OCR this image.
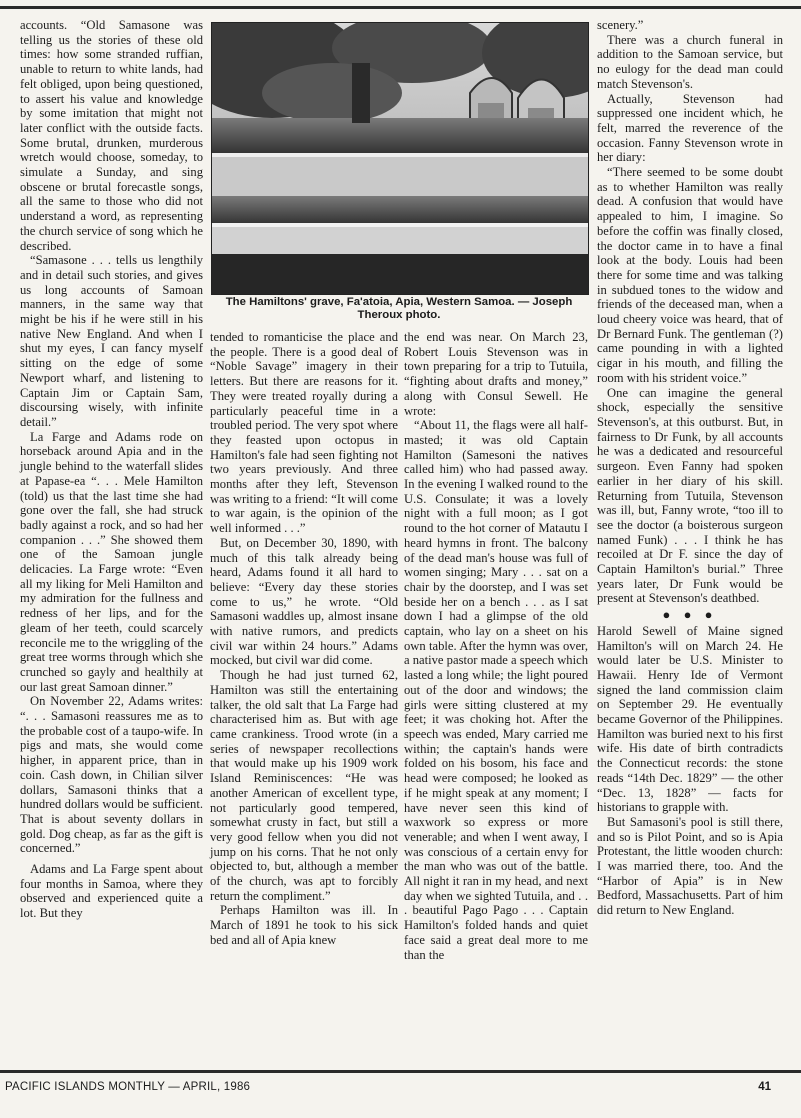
accounts. “Old Samasone was telling us the stories of these old times: how some stranded ruffian, unable to return to white lands, had felt obliged, upon being questioned, to assert his value and knowledge by some imitation that might not later conflict with the outside facts. Some brutal, drunken, murderous wretch would choose, someday, to simulate a Sunday, and sing obscene or brutal forecastle songs, all the same to those who did not understand a word, as representing the church service of song which he described.

“Samasone . . . tells us lengthily and in detail such stories, and gives us long accounts of Samoan manners, in the same way that might be his if he were still in his native New England. And when I shut my eyes, I can fancy myself sitting on the edge of some Newport wharf, and listening to Captain Jim or Captain Sam, discoursing wisely, with infinite detail.”

La Farge and Adams rode on horseback around Apia and in the jungle behind to the waterfall slides at Papase-ea “. . . Mele Hamilton (told) us that the last time she had gone over the fall, she had struck badly against a rock, and so had her companion . . .” She showed them one of the Samoan jungle delicacies. La Farge wrote: “Even all my liking for Meli Hamilton and my admiration for the fullness and redness of her lips, and for the gleam of her teeth, could scarcely reconcile me to the wriggling of the great tree worms through which she crunched so gayly and healthily at our last great Samoan dinner.”

On November 22, Adams writes: “. . . Samasoni reassures me as to the probable cost of a taupo-wife. In pigs and mats, she would come higher, in apparent price, than in coin. Cash down, in Chilian silver dollars, Samasoni thinks that a hundred dollars would be sufficient. That is about seventy dollars in gold. Dog cheap, as far as the gift is concerned.”

Adams and La Farge spent about four months in Samoa, where they observed and experienced quite a lot. But they

The Hamiltons' grave, Fa'atoia, Apia, Western Samoa. — Joseph Theroux photo.

tended to romanticise the place and the people. There is a good deal of “Noble Savage” imagery in their letters. But there are reasons for it. They were treated royally during a particularly peaceful time in a troubled period. The very spot where they feasted upon octopus in Hamilton's fale had seen fighting not two years previously. And three months after they left, Stevenson was writing to a friend: “It will come to war again, is the opinion of the well informed . . .”

But, on December 30, 1890, with much of this talk already being heard, Adams found it all hard to believe: “Every day these stories come to us,” he wrote. “Old Samasoni waddles up, almost insane with native rumors, and predicts civil war within 24 hours.” Adams mocked, but civil war did come.

Though he had just turned 62, Hamilton was still the entertaining talker, the old salt that La Farge had characterised him as. But with age came crankiness. Trood wrote (in a series of newspaper recollections that would make up his 1909 work Island Reminiscences: “He was another American of excellent type, not particularly good tempered, somewhat crusty in fact, but still a very good fellow when you did not jump on his corns. That he not only objected to, but, although a member of the church, was apt to forcibly return the compliment.”

Perhaps Hamilton was ill. In March of 1891 he took to his sick bed and all of Apia knew

the end was near. On March 23, Robert Louis Stevenson was in town preparing for a trip to Tutuila, “fighting about drafts and money,” along with Consul Sewell. He wrote:

“About 11, the flags were all half-masted; it was old Captain Hamilton (Samesoni the natives called him) who had passed away. In the evening I walked round to the U.S. Consulate; it was a lovely night with a full moon; as I got round to the hot corner of Matautu I heard hymns in front. The balcony of the dead man's house was full of women singing; Mary . . . sat on a chair by the doorstep, and I was set beside her on a bench . . . as I sat down I had a glimpse of the old captain, who lay on a sheet on his own table. After the hymn was over, a native pastor made a speech which lasted a long while; the light poured out of the door and windows; the girls were sitting clustered at my feet; it was choking hot. After the speech was ended, Mary carried me within; the captain's hands were folded on his bosom, his face and head were composed; he looked as if he might speak at any moment; I have never seen this kind of waxwork so express or more venerable; and when I went away, I was conscious of a certain envy for the man who was out of the battle. All night it ran in my head, and next day when we sighted Tutuila, and . . . beautiful Pago Pago . . . Captain Hamilton's folded hands and quiet face said a great deal more to me than the

scenery.”

There was a church funeral in addition to the Samoan service, but no eulogy for the dead man could match Stevenson's.

Actually, Stevenson had suppressed one incident which, he felt, marred the reverence of the occasion. Fanny Stevenson wrote in her diary:

“There seemed to be some doubt as to whether Hamilton was really dead. A confusion that would have appealed to him, I imagine. So before the coffin was finally closed, the doctor came in to have a final look at the body. Louis had been there for some time and was talking in subdued tones to the widow and friends of the deceased man, when a loud cheery voice was heard, that of Dr Bernard Funk. The gentleman (?) came pounding in with a lighted cigar in his mouth, and filling the room with his strident voice.”

One can imagine the general shock, especially the sensitive Stevenson's, at this outburst. But, in fairness to Dr Funk, by all accounts he was a dedicated and resourceful surgeon. Even Fanny had spoken earlier in her diary of his skill. Returning from Tutuila, Stevenson was ill, but, Fanny wrote, “too ill to see the doctor (a boisterous surgeon named Funk) . . . I think he has recoiled at Dr F. since the day of Captain Hamilton's burial.” Three years later, Dr Funk would be present at Stevenson's deathbed.

● ● ●

Harold Sewell of Maine signed Hamilton's will on March 24. He would later be U.S. Minister to Hawaii. Henry Ide of Vermont signed the land commission claim on September 29. He eventually became Governor of the Philippines. Hamilton was buried next to his first wife. His date of birth contradicts the Connecticut records: the stone reads “14th Dec. 1829” — the other “Dec. 13, 1828” — facts for historians to grapple with.

But Samasoni's pool is still there, and so is Pilot Point, and so is Apia Protestant, the little wooden church: I was married there, too. And the “Harbor of Apia” is in New Bedford, Massachusetts. Part of him did return to New England.

PACIFIC ISLANDS MONTHLY — APRIL, 1986	41
